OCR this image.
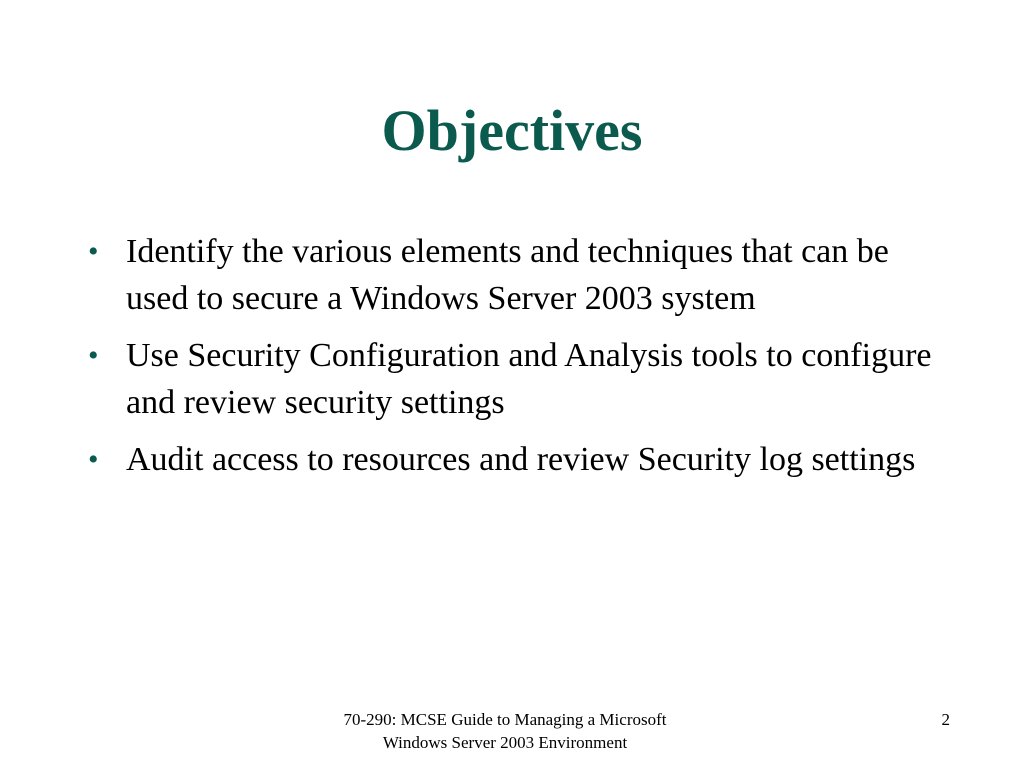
Objectives
• Identify the various elements and techniques that can be used to secure a Windows Server 2003 system
• Use Security Configuration and Analysis tools to configure and review security settings
• Audit access to resources and review Security log settings
70-290: MCSE Guide to Managing a Microsoft
Windows Server 2003 Environment
2
